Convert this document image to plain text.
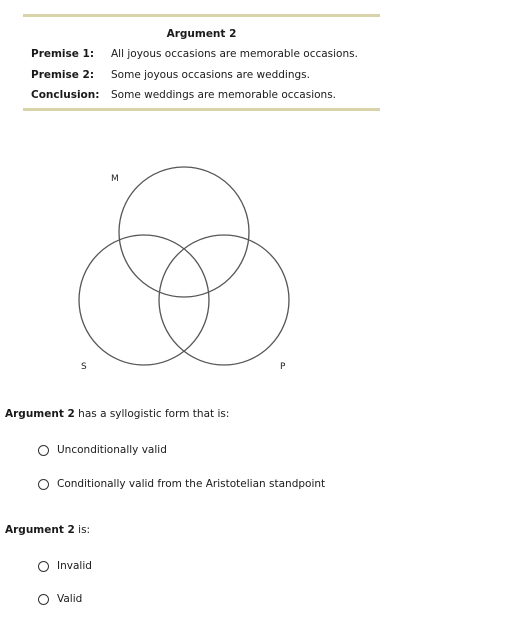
Argument 2
Premise 1: All joyous occasions are memorable occasions.
Premise 2: Some joyous occasions are weddings.
Conclusion: Some weddings are memorable occasions.
M
S	P
Argument 2 has a syllogistic form that is:
Unconditionally valid
Conditionally valid from the Aristotelian standpoint
Argument 2 is:
Invalid
Valid
